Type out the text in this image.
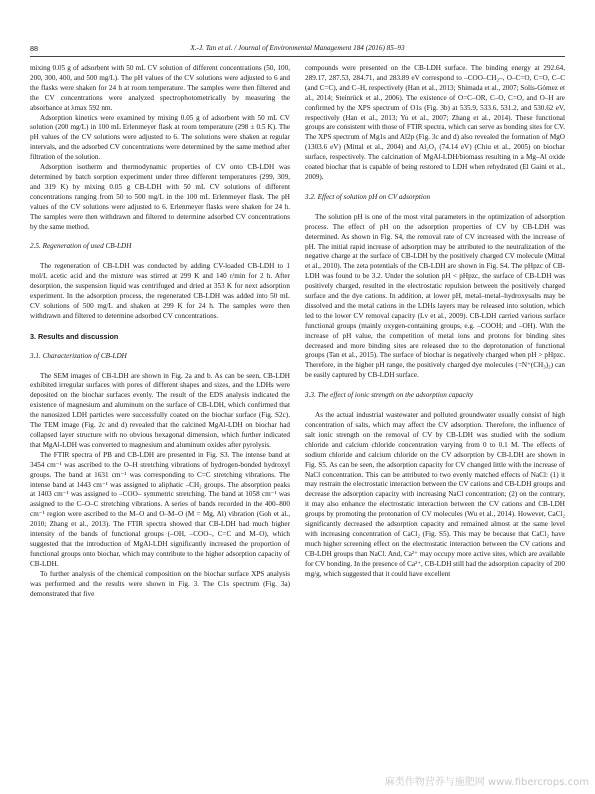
88	X.-J. Tan et al. / Journal of Environmental Management 184 (2016) 85–93

mixing 0.05 g of adsorbent with 50 mL CV solution of different concentrations (50, 100, 200, 300, 400, and 500 mg/L). The pH values of the CV solutions were adjusted to 6 and the flasks were shaken for 24 h at room temperature. The samples were then filtered and the CV concentrations were analyzed spectrophotometrically by measuring the absorbance at λmax 592 nm.

Adsorption kinetics were examined by mixing 0.05 g of adsorbent with 50 mL CV solution (200 mg/L) in 100 mL Erlenmeyer flask at room temperature (298 ± 0.5 K). The pH values of the CV solutions were adjusted to 6. The solutions were shaken at regular intervals, and the adsorbed CV concentrations were determined by the same method after filtration of the solution.

Adsorption isotherm and thermodynamic properties of CV onto CB-LDH was determined by batch sorption experiment under three different temperatures (299, 309, and 319 K) by mixing 0.05 g CB-LDH with 50 mL CV solutions of different concentrations ranging from 50 to 500 mg/L in the 100 mL Erlenmeyer flask. The pH values of the CV solutions were adjusted to 6. Erlenmeyer flasks were shaken for 24 h. The samples were then withdrawn and filtered to determine adsorbed CV concentrations by the same method.

2.5. Regeneration of used CB-LDH

The regeneration of CB-LDH was conducted by adding CV-loaded CB-LDH to 1 mol/L acetic acid and the mixture was stirred at 299 K and 140 r/min for 2 h. After desorption, the suspension liquid was centrifuged and dried at 353 K for next adsorption experiment. In the adsorption process, the regenerated CB-LDH was added into 50 mL CV solutions of 500 mg/L and shaken at 299 K for 24 h. The samples were then withdrawn and filtered to determine adsorbed CV concentrations.

3. Results and discussion
3.1. Characterization of CB-LDH

The SEM images of CB-LDH are shown in Fig. 2a and b. As can be seen, CB-LDH exhibited irregular surfaces with pores of different shapes and sizes, and the LDHs were deposited on the biochar surfaces evenly. The result of the EDS analysis indicated the existence of magnesium and aluminum on the surface of CB-LDH, which confirmed that the nanosized LDH particles were successfully coated on the biochar surface (Fig. S2c). The TEM image (Fig. 2c and d) revealed that the calcined MgAl-LDH on biochar had collapsed layer structure with no obvious hexagonal dimension, which further indicated that MgAl-LDH was converted to magnesium and aluminum oxides after pyrolysis.

The FTIR spectra of PB and CB-LDH are presented in Fig. S3. The intense band at 3454 cm⁻¹ was ascribed to the O–H stretching vibrations of hydrogen-bonded hydroxyl groups. The band at 1631 cm⁻¹ was corresponding to C=C stretching vibrations. The intense band at 1443 cm⁻¹ was assigned to aliphatic –CH₂ groups. The absorption peaks at 1403 cm⁻¹ was assigned to –COO– symmetric stretching. The band at 1058 cm⁻¹ was assigned to the C–O–C stretching vibrations. A series of bands recorded in the 400–800 cm⁻¹ region were ascribed to the M–O and O–M–O (M = Mg, Al) vibration (Goh et al., 2010; Zhang et al., 2013). The FTIR spectra showed that CB-LDH had much higher intensity of the bands of functional groups (–OH, –COO–, C=C and M–O), which suggested that the introduction of MgAl-LDH significantly increased the proportion of functional groups onto biochar, which may contribute to the higher adsorption capacity of CB-LDH.

To further analysis of the chemical composition on the biochar surface XPS analysis was performed and the results were shown in Fig. 3. The C1s spectrum (Fig. 3a) demonstrated that five

compounds were presented on the CB-LDH surface. The binding energy at 292.64, 289.17, 287.53, 284.71, and 283.89 eV correspond to –COO–CH₂–, O–C=O, C=O, C–C (and C=C), and C–H, respectively (Han et al., 2013; Shimada et al., 2007; Solís-Gómez et al., 2014; Steinrück et al., 2006). The existence of O=C–OR, C–O, C=O, and O–H are confirmed by the XPS spectrum of O1s (Fig. 3b) at 535.9, 533.6, 531.2, and 530.62 eV, respectively (Han et al., 2013; Yu et al., 2007; Zhang et al., 2014). These functional groups are consistent with those of FTIR spectra, which can serve as bonding sites for CV. The XPS spectrum of Mg1s and Al2p (Fig. 3c and d) also revealed the formation of MgO (1303.6 eV) (Mittal et al., 2004) and Al₂O₃ (74.14 eV) (Chiu et al., 2005) on biochar surface, respectively. The calcination of MgAl-LDH/biomass resulting in a Mg–Al oxide coated biochar that is capable of being restored to LDH when rehydrated (El Gaini et al., 2009).

3.2. Effect of solution pH on CV adsorption

The solution pH is one of the most vital parameters in the optimization of adsorption process. The effect of pH on the adsorption properties of CV by CB-LDH was determined. As shown in Fig. S4, the removal rate of CV increased with the increase of pH. The initial rapid increase of adsorption may be attributed to the neutralization of the negative charge at the surface of CB-LDH by the positively charged CV molecule (Mittal et al., 2010). The zeta potentials of the CB-LDH are shown in Fig. S4. The pHpzc of CB-LDH was found to be 3.2. Under the solution pH < pHpzc, the surface of CB-LDH was positively charged, resulted in the electrostatic repulsion between the positively charged surface and the dye cations. In addition, at lower pH, metal–metal–hydroxysalts may be dissolved and the metal cations in the LDHs layers may be released into solution, which led to the lower CV removal capacity (Lv et al., 2009). CB-LDH carried various surface functional groups (mainly oxygen-containing groups, e.g. –COOH; and –OH). With the increase of pH value, the competition of metal ions and protons for binding sites decreased and more binding sites are released due to the deprotonation of functional groups (Tan et al., 2015). The surface of biochar is negatively charged when pH > pHpzc. Therefore, in the higher pH range, the positively charged dye molecules (=N⁺(CH₃)₂) can be easily captured by CB-LDH surface.

3.3. The effect of ionic strength on the adsorption capacity

As the actual industrial wastewater and polluted groundwater usually consist of high concentration of salts, which may affect the CV adsorption. Therefore, the influence of salt ionic strength on the removal of CV by CB-LDH was studied with the sodium chloride and calcium chloride concentration varying from 0 to 0.1 M. The effects of sodium chloride and calcium chloride on the CV adsorption by CB-LDH are shown in Fig. S5. As can be seen, the adsorption capacity for CV changed little with the increase of NaCl concentration. This can be attributed to two evenly matched effects of NaCl: (1) it may restrain the electrostatic interaction between the CV cations and CB-LDH groups and decrease the adsorption capacity with increasing NaCl concentration; (2) on the contrary, it may also enhance the electrostatic interaction between the CV cations and CB-LDH groups by promoting the protonation of CV molecules (Wu et al., 2014). However, CaCl₂ significantly decreased the adsorption capacity and remained almost at the same level with increasing concentration of CaCl₂ (Fig. S5). This may be because that CaCl₂ have much higher screening effect on the electrostatic interaction between the CV cations and CB-LDH groups than NaCl. And, Ca²⁺ may occupy more active sites, which are available for CV bonding. In the presence of Ca²⁺, CB-LDH still had the adsorption capacity of 200 mg/g, which suggested that it could have excellent

麻类作物营养与施肥网 www.fibercrops.com
